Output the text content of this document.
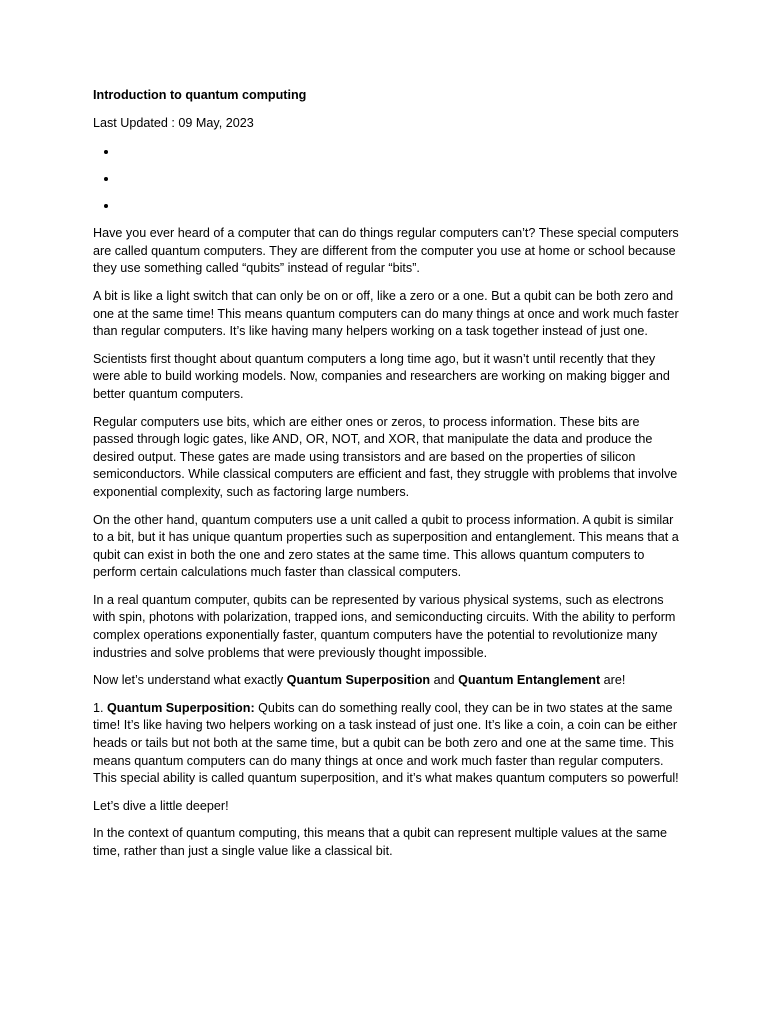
Introduction to quantum computing

Last Updated : 09 May, 2023

•
•
•

Have you ever heard of a computer that can do things regular computers can’t? These special computers are called quantum computers. They are different from the computer you use at home or school because they use something called “qubits” instead of regular “bits”.

A bit is like a light switch that can only be on or off, like a zero or a one. But a qubit can be both zero and one at the same time! This means quantum computers can do many things at once and work much faster than regular computers. It’s like having many helpers working on a task together instead of just one.

Scientists first thought about quantum computers a long time ago, but it wasn’t until recently that they were able to build working models. Now, companies and researchers are working on making bigger and better quantum computers.

Regular computers use bits, which are either ones or zeros, to process information. These bits are passed through logic gates, like AND, OR, NOT, and XOR, that manipulate the data and produce the desired output. These gates are made using transistors and are based on the properties of silicon semiconductors. While classical computers are efficient and fast, they struggle with problems that involve exponential complexity, such as factoring large numbers.

On the other hand, quantum computers use a unit called a qubit to process information. A qubit is similar to a bit, but it has unique quantum properties such as superposition and entanglement. This means that a qubit can exist in both the one and zero states at the same time. This allows quantum computers to perform certain calculations much faster than classical computers.

In a real quantum computer, qubits can be represented by various physical systems, such as electrons with spin, photons with polarization, trapped ions, and semiconducting circuits. With the ability to perform complex operations exponentially faster, quantum computers have the potential to revolutionize many industries and solve problems that were previously thought impossible.

Now let’s understand what exactly Quantum Superposition and Quantum Entanglement are!

1. Quantum Superposition: Qubits can do something really cool, they can be in two states at the same time! It’s like having two helpers working on a task instead of just one. It’s like a coin, a coin can be either heads or tails but not both at the same time, but a qubit can be both zero and one at the same time. This means quantum computers can do many things at once and work much faster than regular computers. This special ability is called quantum superposition, and it’s what makes quantum computers so powerful!

Let’s dive a little deeper!

In the context of quantum computing, this means that a qubit can represent multiple values at the same time, rather than just a single value like a classical bit.
